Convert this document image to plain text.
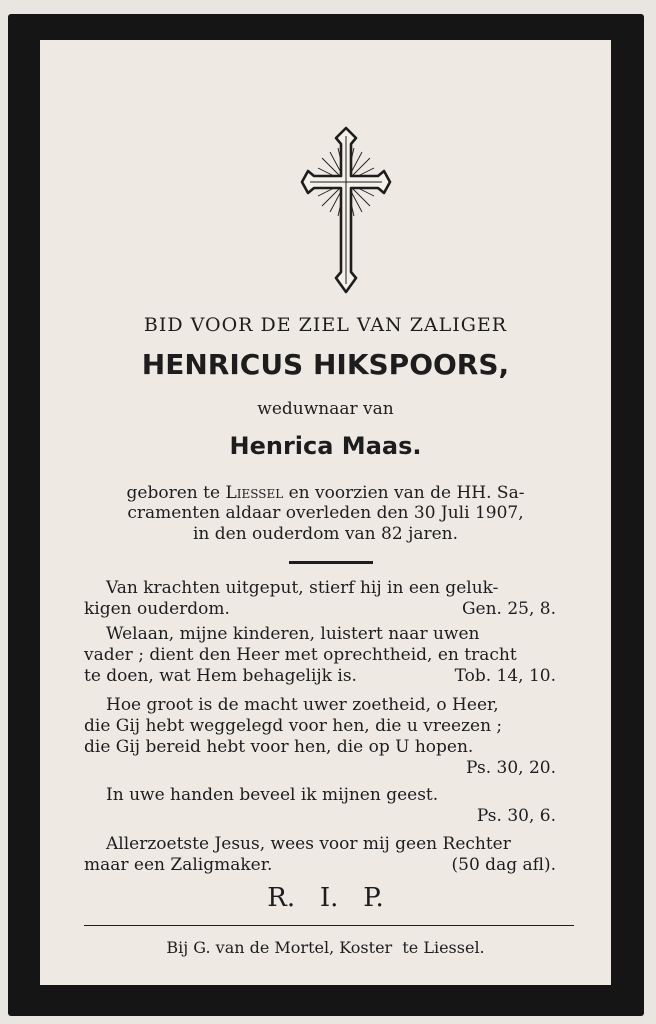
BID VOOR DE ZIEL VAN ZALIGER
HENRICUS HIKSPOORS,
weduwnaar van
Henrica Maas.
geboren te Liessel en voorzien van de HH. Sa-
cramenten aldaar overleden den 30 Juli 1907,
in den ouderdom van 82 jaren.
Van krachten uitgeput, stierf hij in een geluk-
kigen ouderdom.	Gen. 25, 8.
Welaan, mijne kinderen, luistert naar uwen
vader ; dient den Heer met oprechtheid, en tracht
te doen, wat Hem behagelijk is.	Tob. 14, 10.
Hoe groot is de macht uwer zoetheid, o Heer,
die Gij hebt weggelegd voor hen, die u vreezen ;
die Gij bereid hebt voor hen, die op U hopen.
Ps. 30, 20.
In uwe handen beveel ik mijnen geest.
Ps. 30, 6.
Allerzoetste Jesus, wees voor mij geen Rechter
maar een Zaligmaker.	(50 dag afl).
R.   I.   P.
Bij G. van de Mortel, Koster  te Liessel.
